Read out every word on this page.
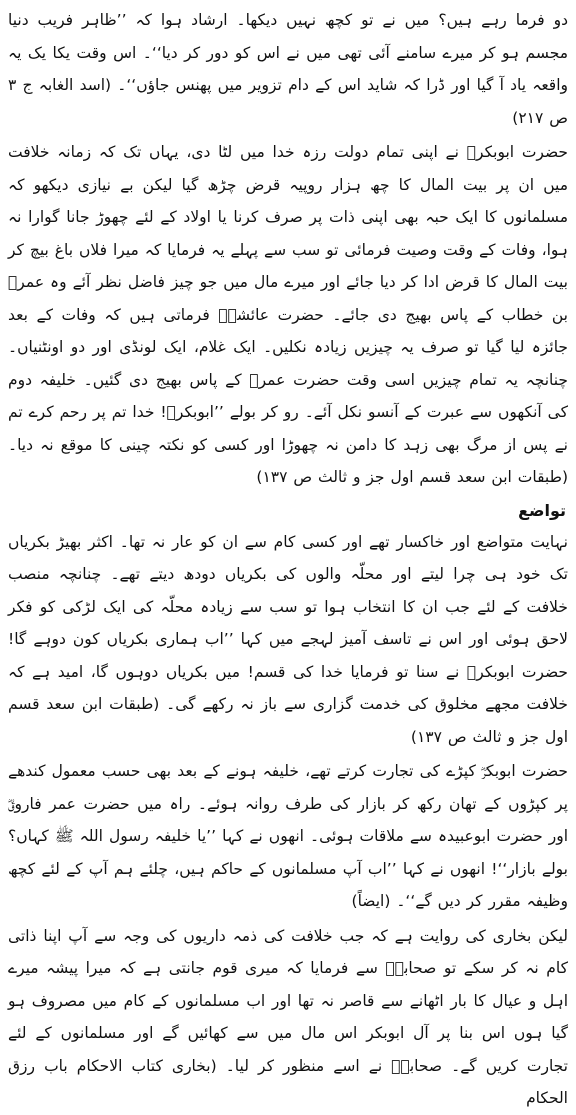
دو فرما رہے ہیں؟ میں نے تو کچھ نہیں دیکھا۔ ارشاد ہوا کہ ’’ظاہر فریب دنیا مجسم ہو کر میرے سامنے آئی تھی میں نے اس کو دور کر دیا‘‘۔ اس وقت یکا یک یہ واقعہ یاد آ گیا اور ڈرا کہ شاید اس کے دام تزویر میں پھنس جاؤں‘‘۔ (اسد الغابہ ج ۳ ص ۲۱۷)

حضرت ابوبکرؓ نے اپنی تمام دولت رزہ خدا میں لٹا دی، یہاں تک کہ زمانہ خلافت میں ان پر بیت المال کا چھ ہزار روپیہ قرض چڑھ گیا لیکن بے نیازی دیکھو کہ مسلمانوں کا ایک حبہ بھی اپنی ذات پر صرف کرنا یا اولاد کے لئے چھوڑ جانا گوارا نہ ہوا، وفات کے وقت وصیت فرمائی تو سب سے پہلے یہ فرمایا کہ میرا فلاں باغ بیچ کر بیت المال کا قرض ادا کر دیا جائے اور میرے مال میں جو چیز فاضل نظر آئے وہ عمرؓ بن خطاب کے پاس بھیج دی جائے۔ حضرت عائشہؓ فرماتی ہیں کہ وفات کے بعد جائزہ لیا گیا تو صرف یہ چیزیں زیادہ نکلیں۔ ایک غلام، ایک لونڈی اور دو اونٹنیاں۔ چنانچہ یہ تمام چیزیں اسی وقت حضرت عمرؓ کے پاس بھیج دی گئیں۔ خلیفہ دوم کی آنکھوں سے عبرت کے آنسو نکل آئے۔ رو کر بولے ’’ابوبکرؓ! خدا تم پر رحم کرے تم نے پس از مرگ بھی زہد کا دامن نہ چھوڑا اور کسی کو نکتہ چینی کا موقع نہ دیا۔ (طبقات ابن سعد قسم اول جز و ثالث ص ۱۳۷)

تواضع

نہایت متواضع اور خاکسار تھے اور کسی کام سے ان کو عار نہ تھا۔ اکثر بھیڑ بکریاں تک خود ہی چرا لیتے اور محلّہ والوں کی بکریاں دودھ دیتے تھے۔ چنانچہ منصب خلافت کے لئے جب ان کا انتخاب ہوا تو سب سے زیادہ محلّہ کی ایک لڑکی کو فکر لاحق ہوئی اور اس نے تاسف آمیز لہجے میں کہا ’’اب ہماری بکریاں کون دوہے گا! حضرت ابوبکرؓ نے سنا تو فرمایا خدا کی قسم! میں بکریاں دوہوں گا، امید ہے کہ خلافت مجھے مخلوق کی خدمت گزاری سے باز نہ رکھے گی۔ (طبقات ابن سعد قسم اول جز و ثالث ص ۱۳۷)

حضرت ابوبکرؓ کپڑے کی تجارت کرتے تھے، خلیفہ ہونے کے بعد بھی حسب معمول کندھے پر کپڑوں کے تھان رکھ کر بازار کی طرف روانہ ہوئے۔ راہ میں حضرت عمر فاروقؓ اور حضرت ابوعبیدہ سے ملاقات ہوئی۔ انھوں نے کہا ’’یا خلیفہ رسول اللہ ﷺ کہاں؟ بولے بازار‘‘! انھوں نے کہا ’’اب آپ مسلمانوں کے حاکم ہیں، چلئے ہم آپ کے لئے کچھ وظیفہ مقرر کر دیں گے‘‘۔ (ایضاً)

لیکن بخاری کی روایت ہے کہ جب خلافت کی ذمہ داریوں کی وجہ سے آپ اپنا ذاتی کام نہ کر سکے تو صحابہؓ سے فرمایا کہ میری قوم جانتی ہے کہ میرا پیشہ میرے اہل و عیال کا بار اٹھانے سے قاصر نہ تھا اور اب مسلمانوں کے کام میں مصروف ہو گیا ہوں اس بنا پر آل ابوبکر اس مال میں سے کھائیں گے اور مسلمانوں کے لئے تجارت کریں گے۔ صحابہؓ نے اسے منظور کر لیا۔ (بخاری کتاب الاحکام باب رزق الحکام
